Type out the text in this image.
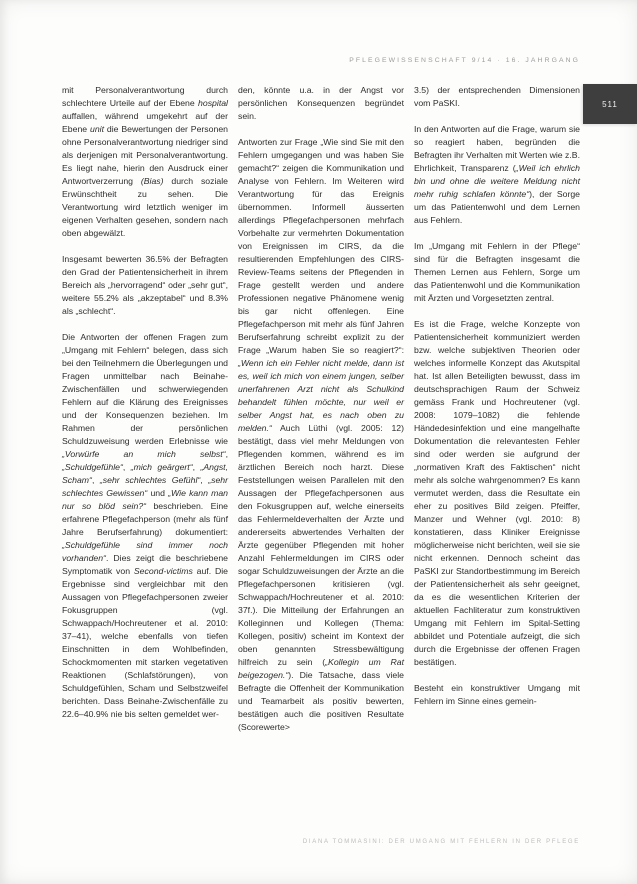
PFLEGEWISSENSCHAFT 9/14 · 16. JAHRGANG
511

mit Personalverantwortung durch schlechtere Urteile auf der Ebene hospital auffallen, während umgekehrt auf der Ebene unit die Bewertungen der Personen ohne Personalverantwortung niedriger sind als derjenigen mit Personalverantwortung. Es liegt nahe, hierin den Ausdruck einer Antwortverzerrung (Bias) durch soziale Erwünschtheit zu sehen. Die Verantwortung wird letztlich weniger im eigenen Verhalten gesehen, sondern nach oben abgewälzt.

Insgesamt bewerten 36.5% der Befragten den Grad der Patientensicherheit in ihrem Bereich als „hervorragend“ oder „sehr gut“, weitere 55.2% als „akzeptabel“ und 8.3% als „schlecht“.

Die Antworten der offenen Fragen zum „Umgang mit Fehlern“ belegen, dass sich bei den Teilnehmern die Überlegungen und Fragen unmittelbar nach Beinahe-Zwischenfällen und schwerwiegenden Fehlern auf die Klärung des Ereignisses und der Konsequenzen beziehen. Im Rahmen der persönlichen Schuldzuweisung werden Erlebnisse wie „Vorwürfe an mich selbst“, „Schuldgefühle“, „mich geärgert“, „Angst, Scham“, „sehr schlechtes Gefühl“, „sehr schlechtes Gewissen“ und „Wie kann man nur so blöd sein?“ beschrieben. Eine erfahrene Pflegefachperson (mehr als fünf Jahre Berufserfahrung) dokumentiert: „Schuldgefühle sind immer noch vorhanden“. Dies zeigt die beschriebene Symptomatik von Second-victims auf. Die Ergebnisse sind vergleichbar mit den Aussagen von Pflegefachpersonen zweier Fokusgruppen (vgl. Schwappach/Hochreutener et al. 2010: 37–41), welche ebenfalls von tiefen Einschnitten in dem Wohlbefinden, Schockmomenten mit starken vegetativen Reaktionen (Schlafstörungen), von Schuldgefühlen, Scham und Selbstzweifel berichten. Dass Beinahe-Zwischenfälle zu 22.6–40.9% nie bis selten gemeldet wer-

den, könnte u.a. in der Angst vor persönlichen Konsequenzen begründet sein.

Antworten zur Frage „Wie sind Sie mit den Fehlern umgegangen und was haben Sie gemacht?“ zeigen die Kommunikation und Analyse von Fehlern. Im Weiteren wird Verantwortung für das Ereignis übernommen. Informell äusserten allerdings Pflegefachpersonen mehrfach Vorbehalte zur vermehrten Dokumentation von Ereignissen im CIRS, da die resultierenden Empfehlungen des CIRS-Review-Teams seitens der Pflegenden in Frage gestellt werden und andere Professionen negative Phänomene wenig bis gar nicht offenlegen. Eine Pflegefachperson mit mehr als fünf Jahren Berufserfahrung schreibt explizit zu der Frage „Warum haben Sie so reagiert?“: „Wenn ich ein Fehler nicht melde, dann ist es, weil ich mich von einem jungen, selber unerfahrenen Arzt nicht als Schulkind behandelt fühlen möchte, nur weil er selber Angst hat, es nach oben zu melden.“ Auch Lüthi (vgl. 2005: 12) bestätigt, dass viel mehr Meldungen von Pflegenden kommen, während es im ärztlichen Bereich noch harzt. Diese Feststellungen weisen Parallelen mit den Aussagen der Pflegefachpersonen aus den Fokusgruppen auf, welche einerseits das Fehlermeldeverhalten der Ärzte und andererseits abwertendes Verhalten der Ärzte gegenüber Pflegenden mit hoher Anzahl Fehlermeldungen im CIRS oder sogar Schuldzuweisungen der Ärzte an die Pflegefachpersonen kritisieren (vgl. Schwappach/Hochreutener et al. 2010: 37f.). Die Mitteilung der Erfahrungen an Kolleginnen und Kollegen (Thema: Kollegen, positiv) scheint im Kontext der oben genannten Stressbewältigung hilfreich zu sein („Kollegin um Rat beigezogen.“). Die Tatsache, dass viele Befragte die Offenheit der Kommunikation und Teamarbeit als positiv bewerten, bestätigen auch die positiven Resultate (Scorewerte>

3.5) der entsprechenden Dimensionen vom PaSKI.

In den Antworten auf die Frage, warum sie so reagiert haben, begründen die Befragten ihr Verhalten mit Werten wie z.B. Ehrlichkeit, Transparenz („Weil ich ehrlich bin und ohne die weitere Meldung nicht mehr ruhig schlafen könnte“), der Sorge um das Patientenwohl und dem Lernen aus Fehlern.

Im „Umgang mit Fehlern in der Pflege“ sind für die Befragten insgesamt die Themen Lernen aus Fehlern, Sorge um das Patientenwohl und die Kommunikation mit Ärzten und Vorgesetzten zentral.

Es ist die Frage, welche Konzepte von Patientensicherheit kommuniziert werden bzw. welche subjektiven Theorien oder welches informelle Konzept das Akutspital hat. Ist allen Beteiligten bewusst, dass im deutschsprachigen Raum der Schweiz gemäss Frank und Hochreutener (vgl. 2008: 1079–1082) die fehlende Händedesinfektion und eine mangelhafte Dokumentation die relevantesten Fehler sind oder werden sie aufgrund der „normativen Kraft des Faktischen“ nicht mehr als solche wahrgenommen? Es kann vermutet werden, dass die Resultate ein eher zu positives Bild zeigen. Pfeiffer, Manzer und Wehner (vgl. 2010: 8) konstatieren, dass Kliniker Ereignisse möglicherweise nicht berichten, weil sie sie nicht erkennen. Dennoch scheint das PaSKI zur Standortbestimmung im Bereich der Patientensicherheit als sehr geeignet, da es die wesentlichen Kriterien der aktuellen Fachliteratur zum konstruktiven Umgang mit Fehlern im Spital-Setting abbildet und Potentiale aufzeigt, die sich durch die Ergebnisse der offenen Fragen bestätigen.

Besteht ein konstruktiver Umgang mit Fehlern im Sinne eines gemein-

DIANA TOMMASINI: DER UMGANG MIT FEHLERN IN DER PFLEGE
